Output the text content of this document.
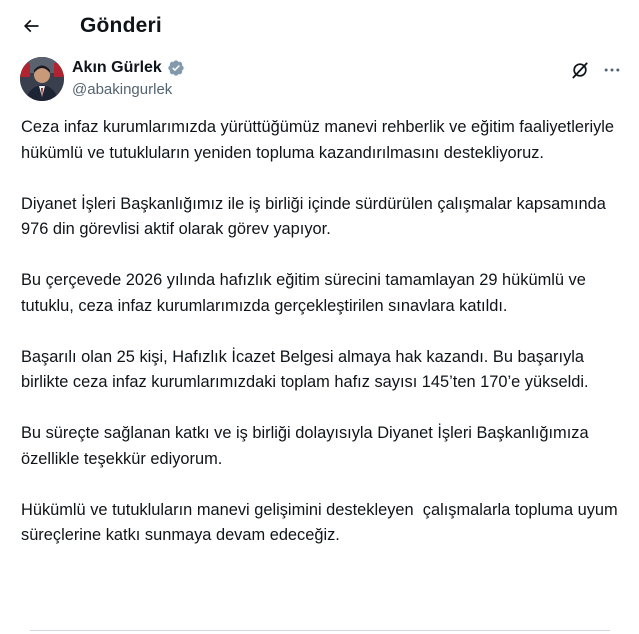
Gönderi
Akın Gürlek
@abakingurlek

Ceza infaz kurumlarımızda yürüttüğümüz manevi rehberlik ve eğitim faaliyetleriyle hükümlü ve tutukluların yeniden topluma kazandırılmasını destekliyoruz.

Diyanet İşleri Başkanlığımız ile iş birliği içinde sürdürülen çalışmalar kapsamında 976 din görevlisi aktif olarak görev yapıyor.

Bu çerçevede 2026 yılında hafızlık eğitim sürecini tamamlayan 29 hükümlü ve tutuklu, ceza infaz kurumlarımızda gerçekleştirilen sınavlara katıldı.

Başarılı olan 25 kişi, Hafızlık İcazet Belgesi almaya hak kazandı. Bu başarıyla birlikte ceza infaz kurumlarımızdaki toplam hafız sayısı 145’ten 170’e yükseldi.

Bu süreçte sağlanan katkı ve iş birliği dolayısıyla Diyanet İşleri Başkanlığımıza özellikle teşekkür ediyorum.

Hükümlü ve tutukluların manevi gelişimini destekleyen  çalışmalarla topluma uyum süreçlerine katkı sunmaya devam edeceğiz.
